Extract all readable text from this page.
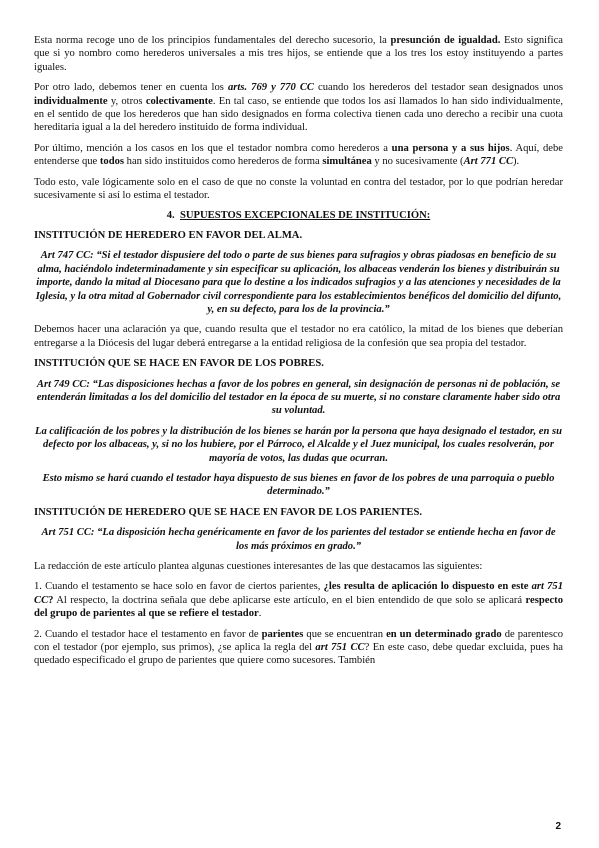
Esta norma recoge uno de los principios fundamentales del derecho sucesorio, la presunción de igualdad. Esto significa que si yo nombro como herederos universales a mis tres hijos, se entiende que a los tres los estoy instituyendo a partes iguales.

Por otro lado, debemos tener en cuenta los arts. 769 y 770 CC cuando los herederos del testador sean designados unos individualmente y, otros colectivamente. En tal caso, se entiende que todos los así llamados lo han sido individualmente, en el sentido de que los herederos que han sido designados en forma colectiva tienen cada uno derecho a recibir una cuota hereditaria igual a la del heredero instituido de forma individual.

Por último, mención a los casos en los que el testador nombra como herederos a una persona y a sus hijos. Aquí, debe entenderse que todos han sido instituidos como herederos de forma simultánea y no sucesivamente (Art 771 CC).

Todo esto, vale lógicamente solo en el caso de que no conste la voluntad en contra del testador, por lo que podrían heredar sucesivamente si así lo estima el testador.

4. SUPUESTOS EXCEPCIONALES DE INSTITUCIÓN:
INSTITUCIÓN DE HEREDERO EN FAVOR DEL ALMA.
Art 747 CC: “Si el testador dispusiere del todo o parte de sus bienes para sufragios y obras piadosas en beneficio de su alma, haciéndolo indeterminadamente y sin especificar su aplicación, los albaceas venderán los bienes y distribuirán su importe, dando la mitad al Diocesano para que lo destine a los indicados sufragios y a las atenciones y necesidades de la Iglesia, y la otra mitad al Gobernador civil correspondiente para los establecimientos benéficos del domicilio del difunto, y, en su defecto, para los de la provincia.”

Debemos hacer una aclaración ya que, cuando resulta que el testador no era católico, la mitad de los bienes que deberían entregarse a la Diócesis del lugar deberá entregarse a la entidad religiosa de la confesión que sea propia del testador.

INSTITUCIÓN QUE SE HACE EN FAVOR DE LOS POBRES.
Art 749 CC: “Las disposiciones hechas a favor de los pobres en general, sin designación de personas ni de población, se entenderán limitadas a los del domicilio del testador en la época de su muerte, si no constare claramente haber sido otra su voluntad.
La calificación de los pobres y la distribución de los bienes se harán por la persona que haya designado el testador, en su defecto por los albaceas, y, si no los hubiere, por el Párroco, el Alcalde y el Juez municipal, los cuales resolverán, por mayoría de votos, las dudas que ocurran.
Esto mismo se hará cuando el testador haya dispuesto de sus bienes en favor de los pobres de una parroquia o pueblo determinado.”
INSTITUCIÓN DE HEREDERO QUE SE HACE EN FAVOR DE LOS PARIENTES.
Art 751 CC: “La disposición hecha genéricamente en favor de los parientes del testador se entiende hecha en favor de los más próximos en grado.”

La redacción de este artículo plantea algunas cuestiones interesantes de las que destacamos las siguientes:

1. Cuando el testamento se hace solo en favor de ciertos parientes, ¿les resulta de aplicación lo dispuesto en este art 751 CC? Al respecto, la doctrina señala que debe aplicarse este artículo, en el bien entendido de que solo se aplicará respecto del grupo de parientes al que se refiere el testador.

2. Cuando el testador hace el testamento en favor de parientes que se encuentran en un determinado grado de parentesco con el testador (por ejemplo, sus primos), ¿se aplica la regla del art 751 CC? En este caso, debe quedar excluida, pues ha quedado especificado el grupo de parientes que quiere como sucesores. También

2
